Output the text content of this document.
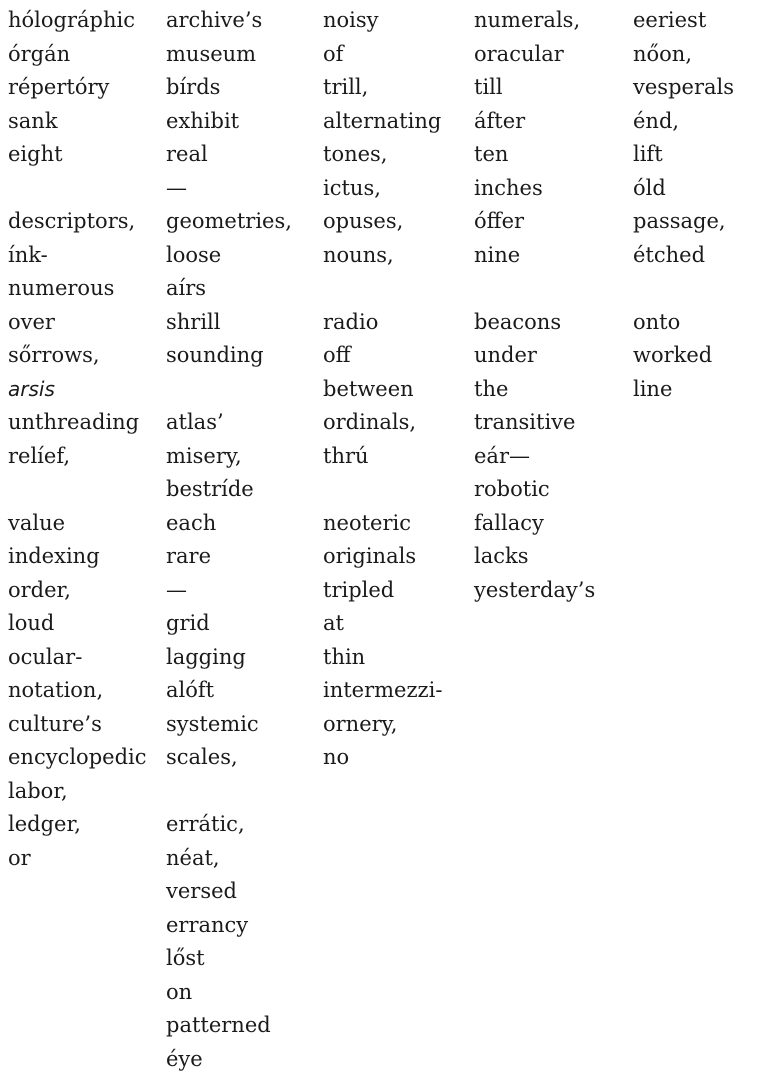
hólográphic
órgán
répertóry
sank
eight
descriptors,
ínk-
numerous
over
sőrrows,
arsis
unthreading
relíef,
value
indexing
order,
loud
ocular-
notation,
culture’s
encyclopedic
labor,
ledger,
or
archive’s
museum
bírds
exhibit
real
—
geometries,
loose
aírs
shrill
sounding
atlas’
misery,
bestríde
each
rare
—
grid
lagging
alóft
systemic
scales,
errátic,
néat,
versed
errancy
lőst
on
patterned
éye
noisy
of
trill,
alternating
tones,
ictus,
opuses,
nouns,
radio
off
between
ordinals,
thrú
neoteric
originals
tripled
at
thin
intermezzi-
ornery,
no
numerals,
oracular
till
áfter
ten
inches
óffer
nine
beacons
under
the
transitive
eár—
robotic
fallacy
lacks
yesterday’s
eeriest
nőon,
vesperals
énd,
lift
óld
passage,
étched
onto
worked
line
